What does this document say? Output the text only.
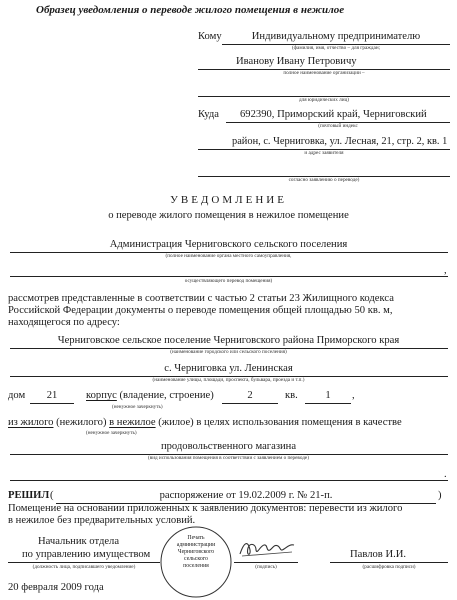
Образец уведомления о переводе жилого помещения в нежилое
Кому	Индивидуальному предпринимателю
(фамилия, имя, отчество – для граждан;
Иванову Ивану Петровичу
полное наименование организации –
для юридических лиц)
Куда 692390, Приморский край, Черниговский
(почтовый индекс
район, с. Черниговка, ул. Лесная, 21, стр. 2, кв. 1
и адрес заявителя
согласно заявлению о переводе)
УВЕДОМЛЕНИЕ
о переводе жилого помещения в нежилое помещение
Администрация Черниговского сельского поселения
(полное наименование органа местного самоуправления,
,
осуществляющего перевод помещения)
рассмотрев представленные в соответствии с частью 2 статьи 23 Жилищного кодекса
Российской Федерации документы о переводе помещения общей площадью 50 кв. м,
находящегося по адресу:
Черниговское сельское поселение Черниговского района Приморского края
(наименование городского или сельского поселения)
с. Черниговка ул. Ленинская
(наименование улицы, площади, проспекта, бульвара, проезда и т.п.)
дом	21	корпус (владение, строение)	2	кв.	1	,
(ненужное зачеркнуть)
из жилого (нежилого) в нежилое (жилое) в целях использования помещения в качестве
(ненужное зачеркнуть)
продовольственного магазина
(вид использования помещения в соответствии с заявлением о переводе)
.
РЕШИЛ (	распоряжение от 19.02.2009 г. № 21-п.	)
Помещение на основании приложенных к заявлению документов: перевести из жилого
в нежилое без предварительных условий.
Начальник отдела
по управлению имуществом
(должность лица, подписавшего уведомление)	(подпись)
Павлов И.И.
(расшифровка подписи)
Печать
администрации
Черниговского
сельского
поселения
20 февраля 2009 года
